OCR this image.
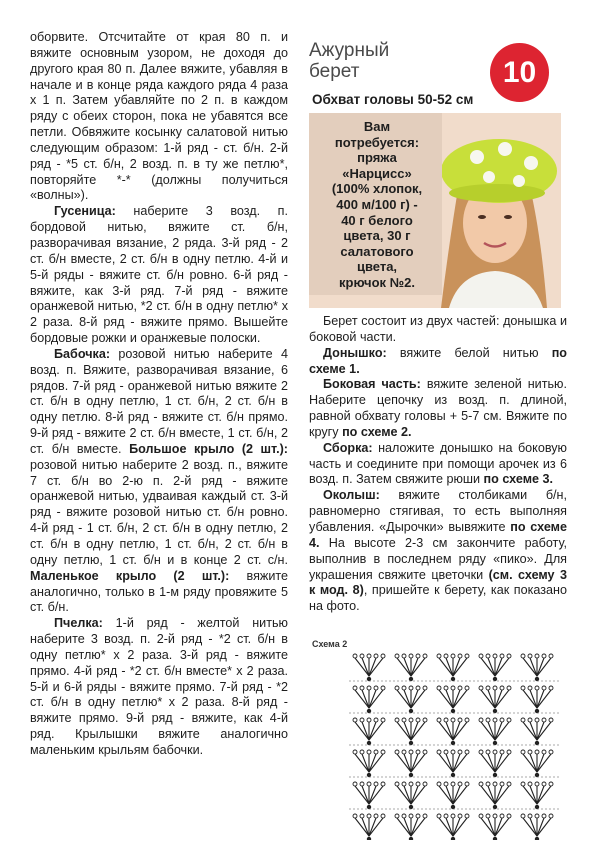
оборвите. Отсчитайте от края 80 п. и вяжите основным узором, не доходя до другого края 80 п. Далее вяжите, убавляя в начале и в конце ряда каждого ряда 4 раза х 1 п. Затем убавляйте по 2 п. в каждом ряду с обеих сторон, пока не убавятся все петли. Обвяжите косынку салатовой нитью следующим образом: 1-й ряд - ст. б/н. 2-й ряд - *5 ст. б/н, 2 возд. п. в ту же петлю*, повторяйте *-* (должны получиться «волны»).

Гусеница: наберите 3 возд. п. бордовой нитью, вяжите ст. б/н, разворачивая вязание, 2 ряда. 3-й ряд - 2 ст. б/н вместе, 2 ст. б/н в одну петлю. 4-й и 5-й ряды - вяжите ст. б/н ровно. 6-й ряд - вяжите, как 3-й ряд. 7-й ряд - вяжите оранжевой нитью, *2 ст. б/н в одну петлю* х 2 раза. 8-й ряд - вяжите прямо. Вышейте бордовые рожки и оранжевые полоски.

Бабочка: розовой нитью наберите 4 возд. п. Вяжите, разворачивая вязание, 6 рядов. 7-й ряд - оранжевой нитью вяжите 2 ст. б/н в одну петлю, 1 ст. б/н, 2 ст. б/н в одну петлю. 8-й ряд - вяжите ст. б/н прямо. 9-й ряд - вяжите 2 ст. б/н вместе, 1 ст. б/н, 2 ст. б/н вместе. Большое крыло (2 шт.): розовой нитью наберите 2 возд. п., вяжите 7 ст. б/н во 2-ю п. 2-й ряд - вяжите оранжевой нитью, удваивая каждый ст. 3-й ряд - вяжите розовой нитью ст. б/н ровно. 4-й ряд - 1 ст. б/н, 2 ст. б/н в одну петлю, 2 ст. б/н в одну петлю, 1 ст. б/н, 2 ст. б/н в одну петлю, 1 ст. б/н и в конце 2 ст. с/н. Маленькое крыло (2 шт.): вяжите аналогично, только в 1-м ряду провяжите 5 ст. б/н.

Пчелка: 1-й ряд - желтой нитью наберите 3 возд. п. 2-й ряд - *2 ст. б/н в одну петлю* х 2 раза. 3-й ряд - вяжите прямо. 4-й ряд - *2 ст. б/н вместе* х 2 раза. 5-й и 6-й ряды - вяжите прямо. 7-й ряд - *2 ст. б/н в одну петлю* х 2 раза. 8-й ряд - вяжите прямо. 9-й ряд - вяжите, как 4-й ряд. Крылышки вяжите аналогично маленьким крыльям бабочки.

Ажурный
берет	10
Обхват головы 50-52 см
Вам
потребуется:
пряжа
«Нарцисс»
(100% хлопок,
400 м/100 г) -
40 г белого
цвета, 30 г
салатового
цвета,
крючок №2.

Берет состоит из двух частей: донышка и боковой части.

Донышко: вяжите белой нитью по схеме 1.

Боковая часть: вяжите зеленой нитью. Наберите цепочку из возд. п. длиной, равной обхвату головы + 5-7 см. Вяжите по кругу по схеме 2.

Сборка: наложите донышко на боковую часть и соедините при помощи арочек из 6 возд. п. Затем свяжите рюши по схеме 3.

Околыш: вяжите столбиками б/н, равномерно стягивая, то есть выполняя убавления. «Дырочки» вывяжите по схеме 4. На высоте 2-3 см закончите работу, выполнив в последнем ряду «пико». Для украшения свяжите цветочки (см. схему 3 к мод. 8), пришейте к берету, как показано на фото.

Схема 2
